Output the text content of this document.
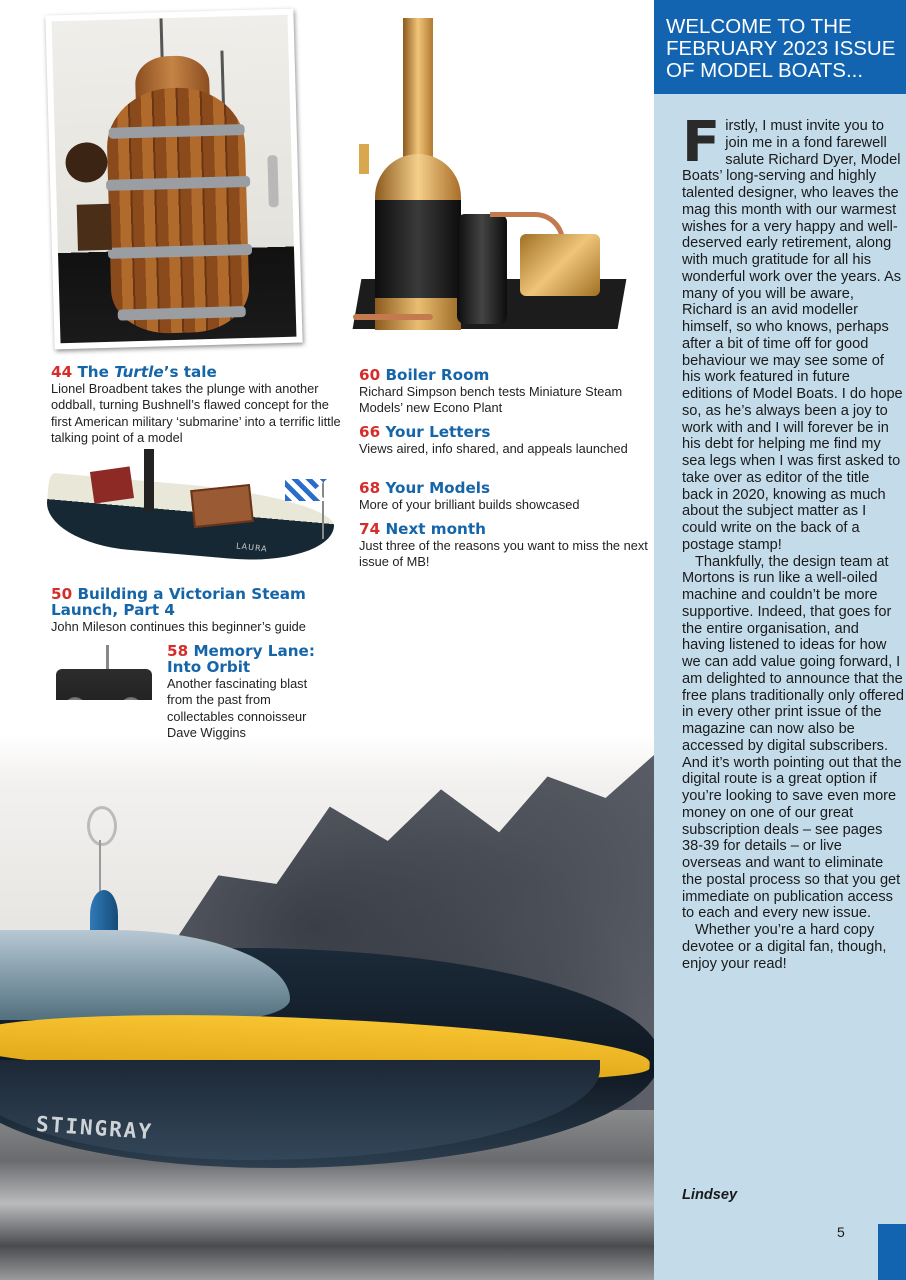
LAURA
STINGRAY
44 The Turtle’s tale

Lionel Broadbent takes the plunge with another oddball, turning Bushnell’s flawed concept for the first American military ‘submarine’ into a terrific little talking point of a model

50 Building a Victorian Steam Launch, Part 4

John Mileson continues this beginner’s guide

58 Memory Lane: Into Orbit

Another fascinating blast from the past from collectables connoisseur Dave Wiggins

60 Boiler Room

Richard Simpson bench tests Miniature Steam Models’ new Econo Plant

66 Your Letters

Views aired, info shared, and appeals launched

68 Your Models

More of your brilliant builds showcased

74 Next month

Just three of the reasons you want to miss the next issue of MB!

WELCOME TO THE FEBRUARY 2023 ISSUE OF MODEL BOATS...

Firstly, I must invite you to join me in a fond farewell salute Richard Dyer, Model Boats’ long-serving and highly talented designer, who leaves the mag this month with our warmest wishes for a very happy and well-deserved early retirement, along with much gratitude for all his wonderful work over the years. As many of you will be aware, Richard is an avid modeller himself, so who knows, perhaps after a bit of time off for good behaviour we may see some of his work featured in future editions of Model Boats. I do hope so, as he’s always been a joy to work with and I will forever be in his debt for helping me find my sea legs when I was first asked to take over as editor of the title back in 2020, knowing as much about the subject matter as I could write on the back of a postage stamp!

Thankfully, the design team at Mortons is run like a well-oiled machine and couldn’t be more supportive. Indeed, that goes for the entire organisation, and having listened to ideas for how we can add value going forward, I am delighted to announce that the free plans traditionally only offered in every other print issue of the magazine can now also be accessed by digital subscribers. And it’s worth pointing out that the digital route is a great option if you’re looking to save even more money on one of our great subscription deals – see pages 38-39 for details – or live overseas and want to eliminate the postal process so that you get immediate on publication access to each and every new issue.

Whether you’re a hard copy devotee or a digital fan, though, enjoy your read!

Lindsey
5
